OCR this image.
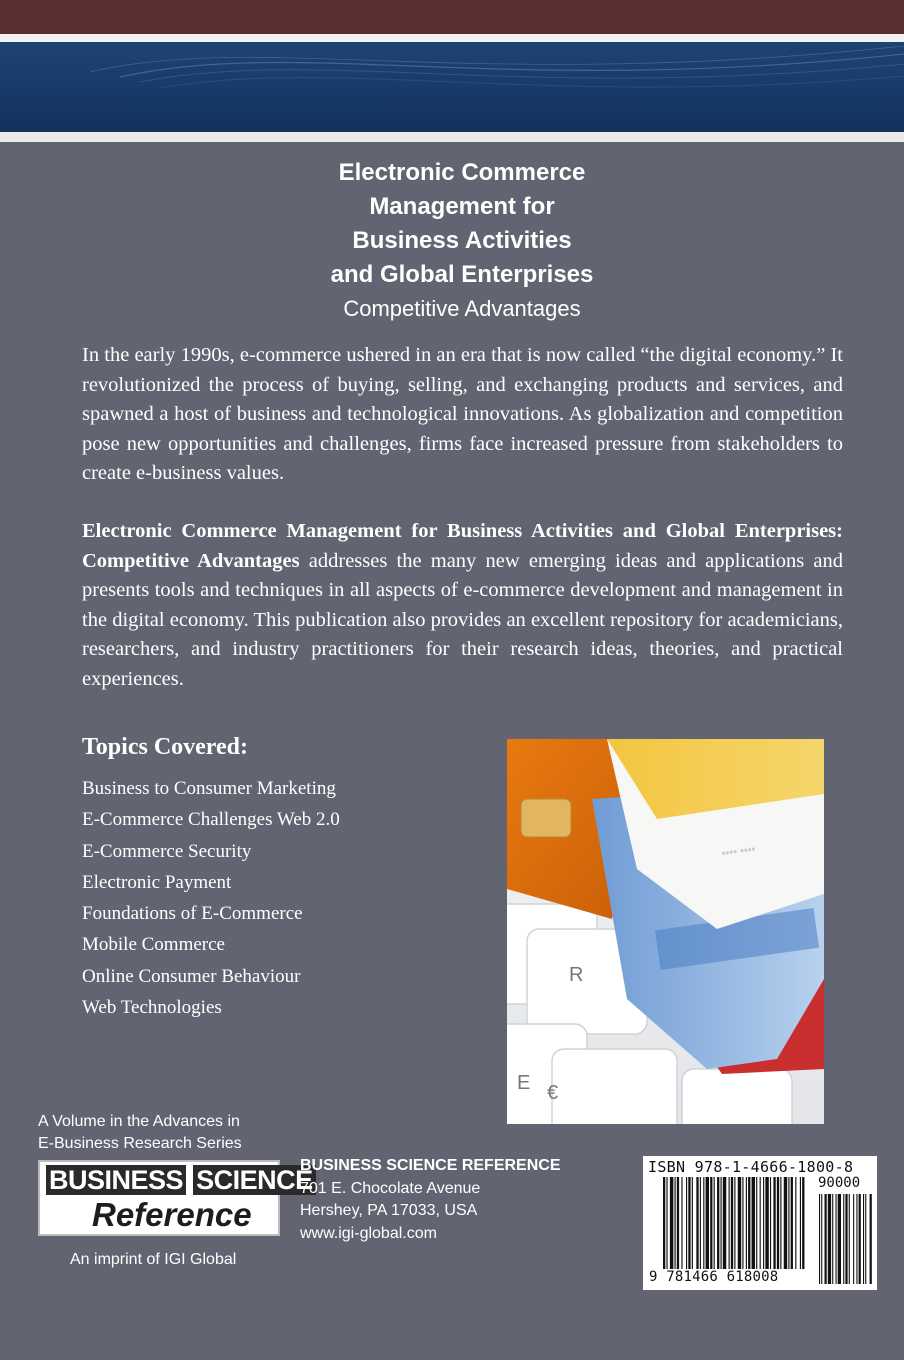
Electronic Commerce
Management for
Business Activities
and Global Enterprises
Competitive Advantages

In the early 1990s, e-commerce ushered in an era that is now called “the digital economy.” It revolutionized the process of buying, selling, and exchanging products and services, and spawned a host of business and technological innovations. As globalization and competition pose new opportunities and challenges, firms face increased pressure from stakeholders to create e-business values.

Electronic Commerce Management for Business Activities and Global Enterprises: Competitive Advantages addresses the many new emerging ideas and applications and presents tools and techniques in all aspects of e-commerce development and management in the digital economy. This publication also provides an excellent repository for academicians, researchers, and industry practitioners for their research ideas, theories, and practical experiences.

Topics Covered:
Business to Consumer Marketing
E-Commerce Challenges Web 2.0
E-Commerce Security
Electronic Payment
Foundations of E-Commerce
Mobile Commerce
Online Consumer Behaviour
Web Technologies
R
E €
▪▪▪▪ ▪▪▪▪
A Volume in the Advances in
E-Business Research Series
BUSINESS SCIENCE
Reference
An imprint of IGI Global
BUSINESS SCIENCE REFERENCE
701 E. Chocolate Avenue
Hershey, PA 17033, USA
www.igi-global.com
ISBN 978-1-4666-1800-8
90000
9 781466 618008
